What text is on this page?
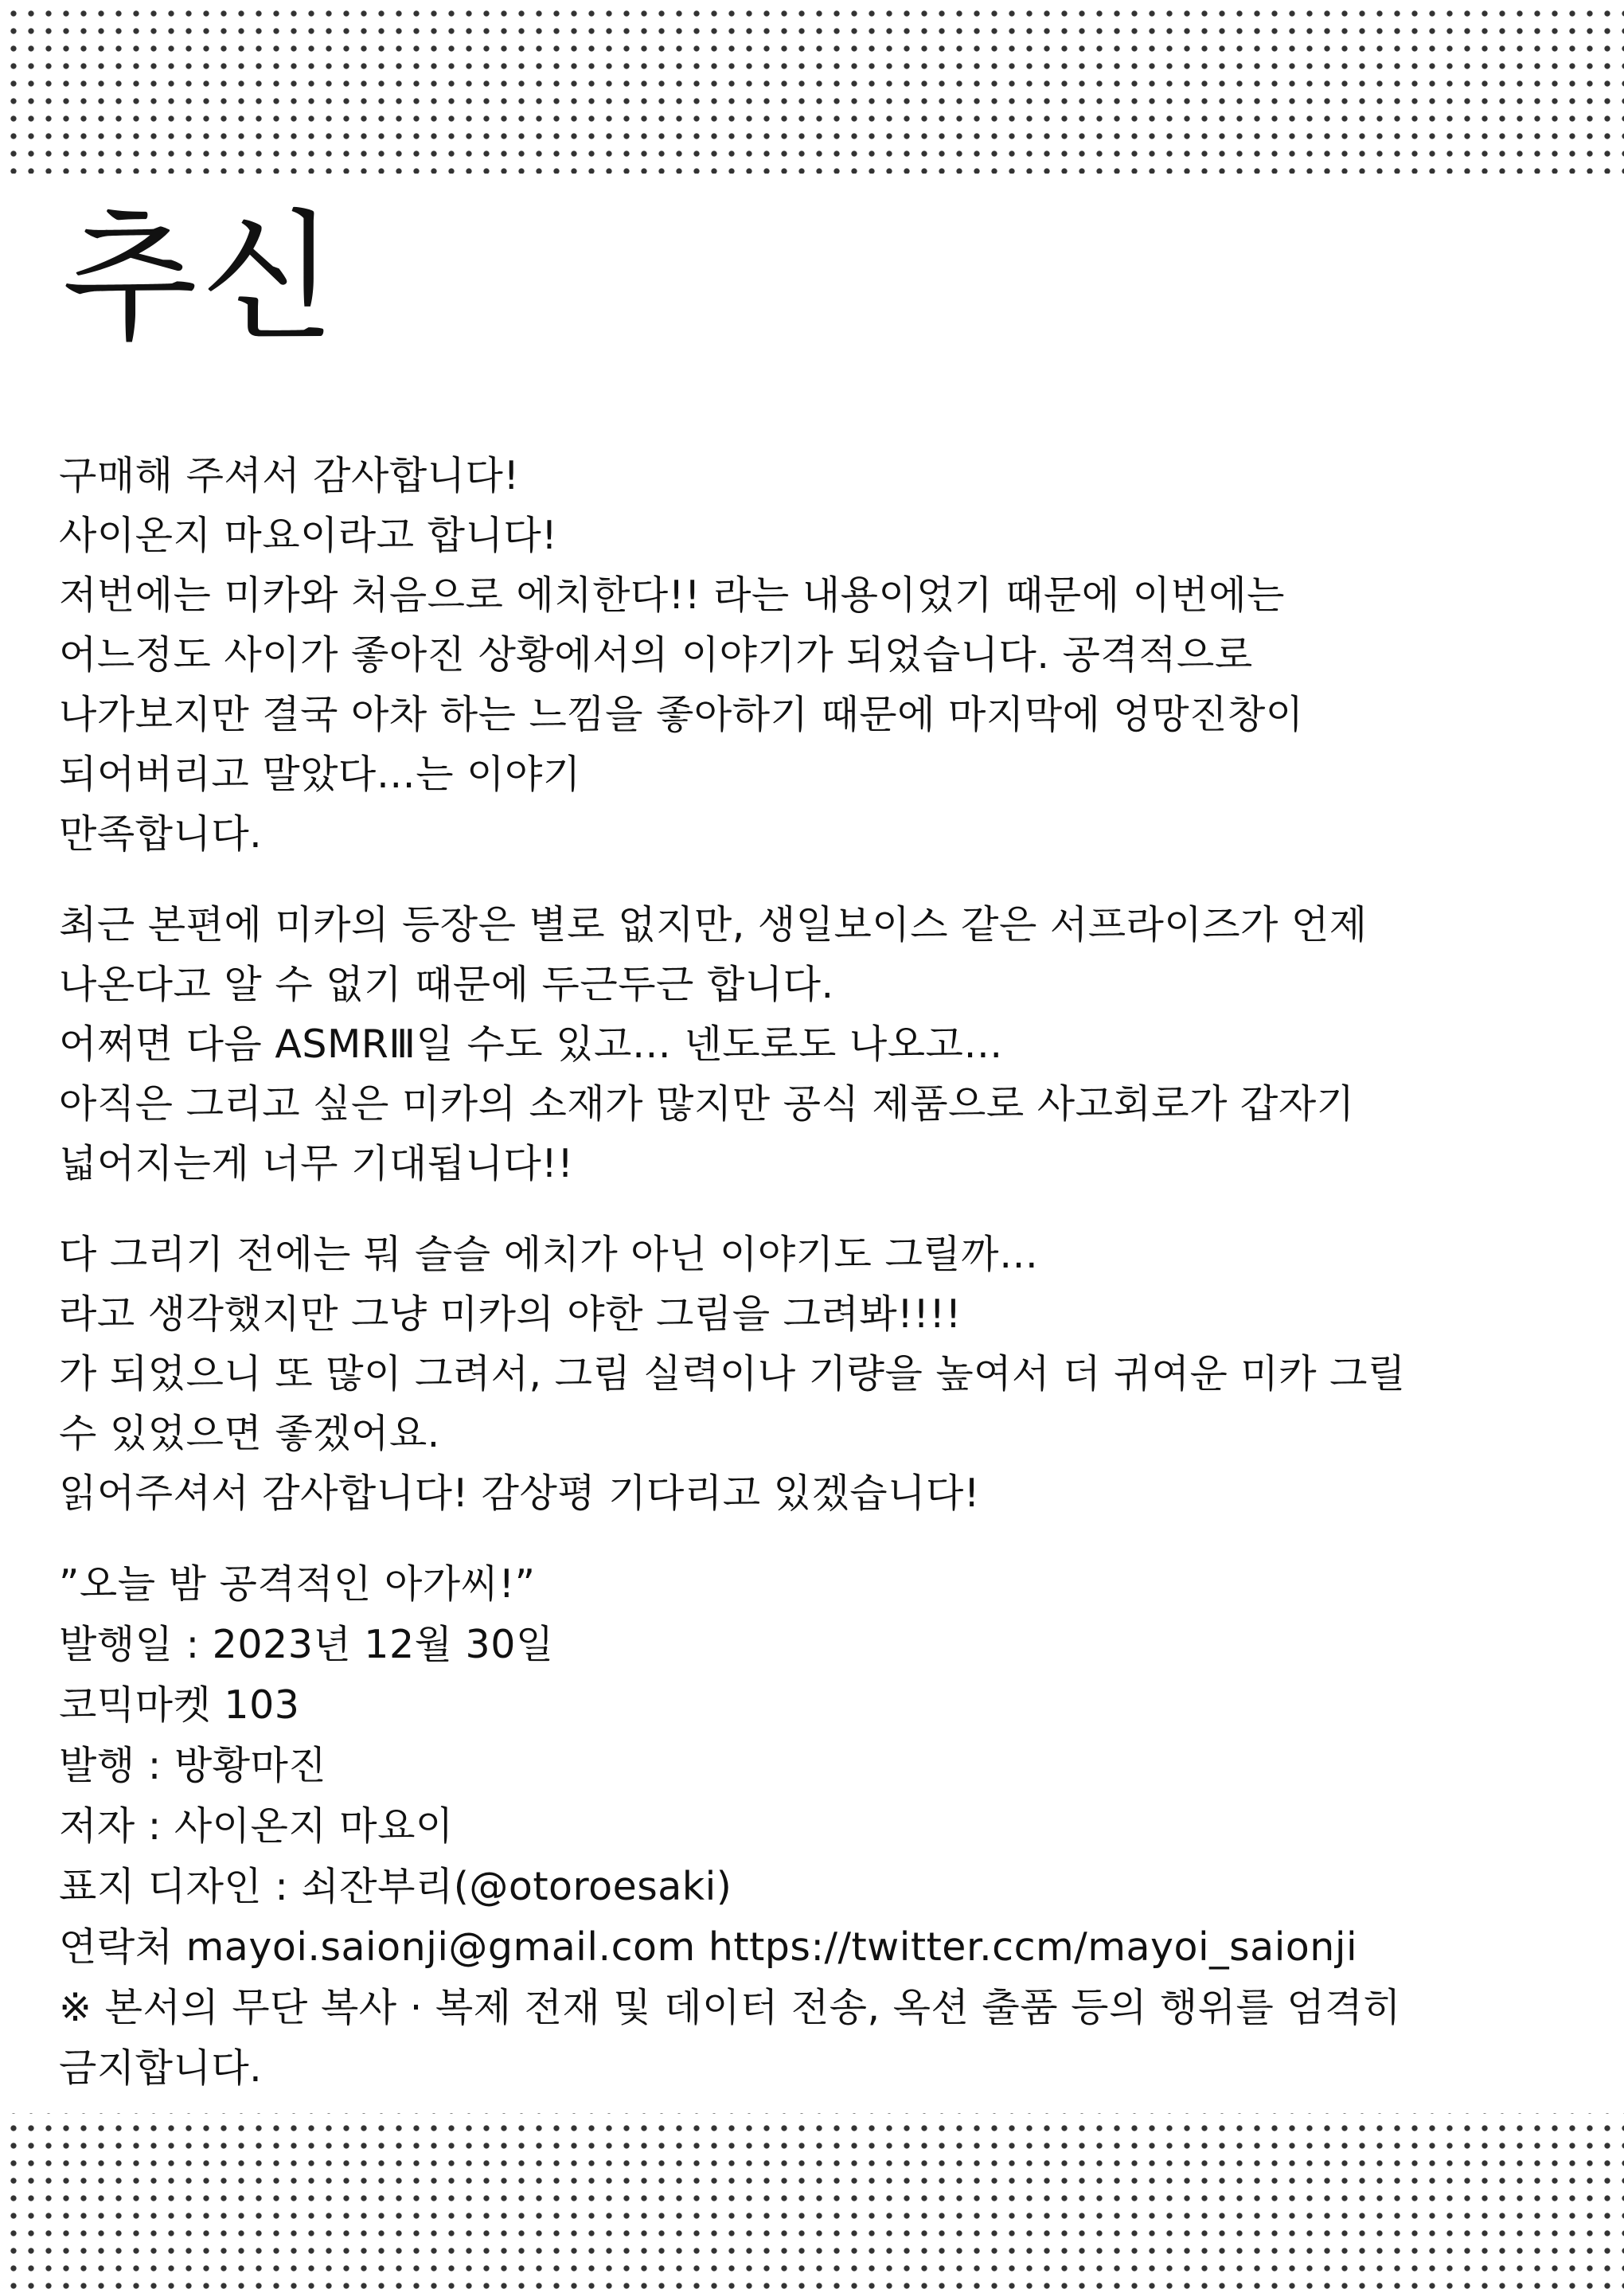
추신
구매해 주셔서 감사합니다!
사이온지 마요이라고 합니다!
저번에는 미카와 처음으로 에치한다!! 라는 내용이었기 때문에 이번에는
어느정도 사이가 좋아진 상황에서의 이야기가 되었습니다. 공격적으로
나가보지만 결국 아차 하는 느낌을 좋아하기 때문에 마지막에 엉망진창이
되어버리고 말았다…는 이야기
만족합니다.
최근 본편에 미카의 등장은 별로 없지만, 생일보이스 같은 서프라이즈가 언제
나온다고 알 수 없기 때문에 두근두근 합니다.
어쩌면 다음 ASMRⅢ일 수도 있고… 넨도로도 나오고…
아직은 그리고 싶은 미카의 소재가 많지만 공식 제품으로 사고회로가 갑자기
넓어지는게 너무 기대됩니다!!
다 그리기 전에는 뭐 슬슬 에치가 아닌 이야기도 그릴까…
라고 생각했지만 그냥 미카의 야한 그림을 그려봐!!!!
가 되었으니 또 많이 그려서, 그림 실력이나 기량을 높여서 더 귀여운 미카 그릴
수 있었으면 좋겠어요.
읽어주셔서 감사합니다! 감상평 기다리고 있겠습니다!
”오늘 밤 공격적인 아가씨!”
발행일 : 2023년 12월 30일
코믹마켓 103
발행 : 방황마진
저자 : 사이온지 마요이
표지 디자인 : 쇠잔부리(@otoroesaki)
연락처 mayoi.saionji@gmail.com https://twitter.ccm/mayoi_saionji
※ 본서의 무단 복사 · 복제 전재 및 데이터 전송, 옥션 출품 등의 행위를 엄격히
금지합니다.
